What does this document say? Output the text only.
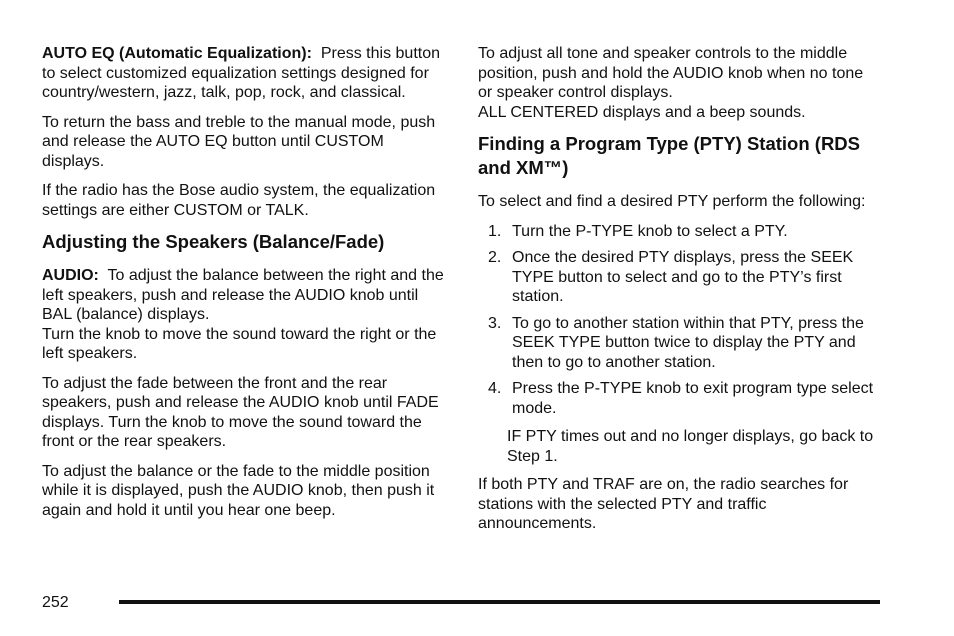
AUTO EQ (Automatic Equalization): Press this button to select customized equalization settings designed for country/western, jazz, talk, pop, rock, and classical.

To return the bass and treble to the manual mode, push and release the AUTO EQ button until CUSTOM displays.

If the radio has the Bose audio system, the equalization settings are either CUSTOM or TALK.

Adjusting the Speakers (Balance/Fade)

AUDIO: To adjust the balance between the right and the left speakers, push and release the AUDIO knob until BAL (balance) displays.

Turn the knob to move the sound toward the right or the left speakers.

To adjust the fade between the front and the rear speakers, push and release the AUDIO knob until FADE displays. Turn the knob to move the sound toward the front or the rear speakers.

To adjust the balance or the fade to the middle position while it is displayed, push the AUDIO knob, then push it again and hold it until you hear one beep.

To adjust all tone and speaker controls to the middle position, push and hold the AUDIO knob when no tone or speaker control displays.

ALL CENTERED displays and a beep sounds.

Finding a Program Type (PTY) Station (RDS and XM™)

To select and find a desired PTY perform the following:

1. Turn the P-TYPE knob to select a PTY.
2. Once the desired PTY displays, press the SEEK TYPE button to select and go to the PTY’s first station.
3. To go to another station within that PTY, press the SEEK TYPE button twice to display the PTY and then to go to another station.
4. Press the P-TYPE knob to exit program type select mode.

IF PTY times out and no longer displays, go back to Step 1.

If both PTY and TRAF are on, the radio searches for stations with the selected PTY and traffic announcements.

252
